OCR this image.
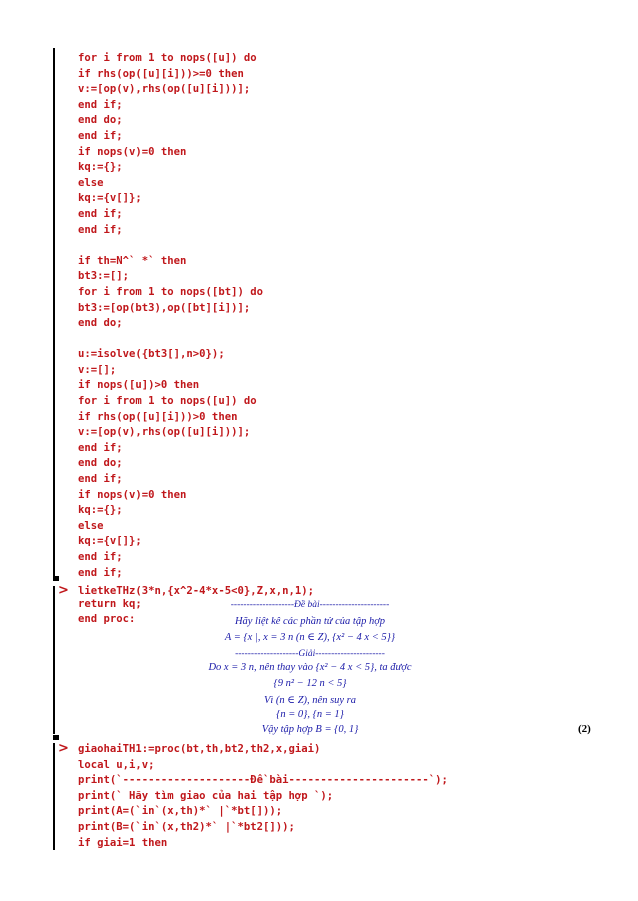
for i from 1 to nops([u]) do
if rhs(op([u][i]))>=0 then
v:=[op(v),rhs(op([u][i]))];
end if;
end do;
end if;
if nops(v)=0 then
kq:={};
else
kq:={v[]};
end if;
end if;
if th=N^` *` then
bt3:=[];
for i from 1 to nops([bt]) do
bt3:=[op(bt3),op([bt][i])];
end do;
u:=isolve({bt3[],n>0});
v:=[];
if nops([u])>0 then
for i from 1 to nops([u]) do
if rhs(op([u][i]))>0 then
v:=[op(v),rhs(op([u][i]))];
end if;
end do;
end if;
if nops(v)=0 then
kq:={};
else
kq:={v[]};
end if;
end if;
return kq;
end proc:
> lietkeTHz(3*n,{x^2-4*x-5<0},Z,x,n,1);
--------------------Đề bài----------------------
Hãy liệt kê các phần tử của tập hợp
A = {x |, x = 3 n (n ∈ Z), {x² − 4 x < 5}}
--------------------Giải----------------------
Do x = 3 n, nên thay vào {x² − 4 x < 5}, ta được
{9 n² − 12 n < 5}
Vì (n ∈ Z), nên suy ra
{n = 0}, {n = 1}
Vậy tập hợp B = {0, 1}	(2)
> giaohaiTH1:=proc(bt,th,bt2,th2,x,giai)
local u,i,v;
print(`--------------------Đề bài----------------------`);
print(` Hãy tìm giao của hai tập hợp `);
print(A=(`in`(x,th)*` |`*bt[]));
print(B=(`in`(x,th2)*` |`*bt2[]));
if giai=1 then
